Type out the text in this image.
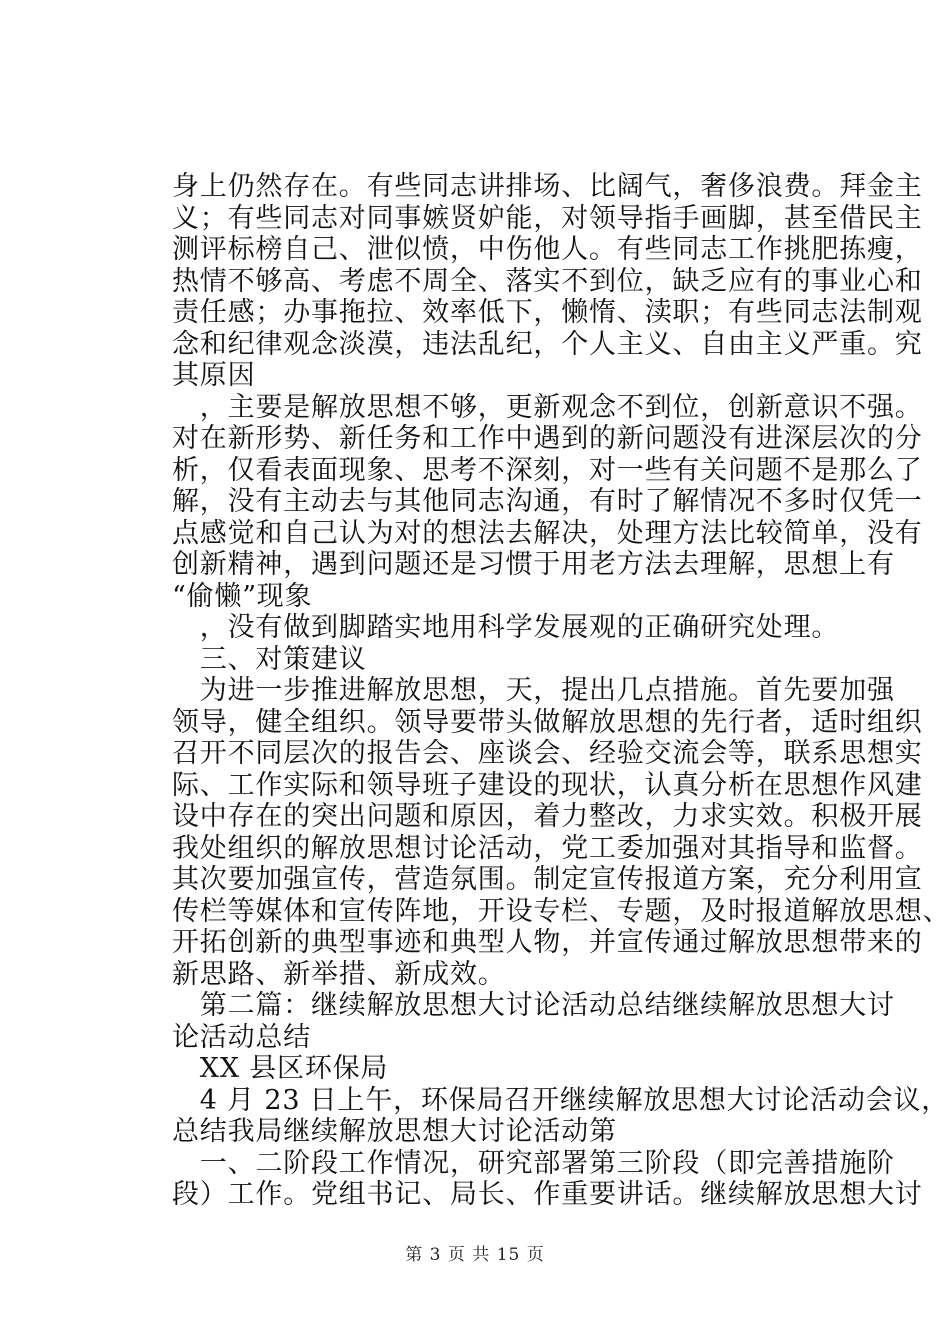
身上仍然存在。有些同志讲排场、比阔气，奢侈浪费。拜金主
义；有些同志对同事嫉贤妒能，对领导指手画脚，甚至借民主
测评标榜自己、泄似愤，中伤他人。有些同志工作挑肥拣瘦，
热情不够高、考虑不周全、落实不到位，缺乏应有的事业心和
责任感；办事拖拉、效率低下，懒惰、渎职；有些同志法制观
念和纪律观念淡漠，违法乱纪，个人主义、自由主义严重。究
其原因
　，主要是解放思想不够，更新观念不到位，创新意识不强。
对在新形势、新任务和工作中遇到的新问题没有进深层次的分
析，仅看表面现象、思考不深刻，对一些有关问题不是那么了
解，没有主动去与其他同志沟通，有时了解情况不多时仅凭一
点感觉和自己认为对的想法去解决，处理方法比较简单，没有
创新精神，遇到问题还是习惯于用老方法去理解，思想上有
“偷懒”现象
　，没有做到脚踏实地用科学发展观的正确研究处理。
　三、对策建议
　为进一步推进解放思想，天，提出几点措施。首先要加强
领导，健全组织。领导要带头做解放思想的先行者，适时组织
召开不同层次的报告会、座谈会、经验交流会等，联系思想实
际、工作实际和领导班子建设的现状，认真分析在思想作风建
设中存在的突出问题和原因，着力整改，力求实效。积极开展
我处组织的解放思想讨论活动，党工委加强对其指导和监督。
其次要加强宣传，营造氛围。制定宣传报道方案，充分利用宣
传栏等媒体和宣传阵地，开设专栏、专题，及时报道解放思想、
开拓创新的典型事迹和典型人物，并宣传通过解放思想带来的
新思路、新举措、新成效。
　第二篇：继续解放思想大讨论活动总结继续解放思想大讨
论活动总结
　XX 县区环保局
　4 月 23 日上午，环保局召开继续解放思想大讨论活动会议，
总结我局继续解放思想大讨论活动第
　一、二阶段工作情况，研究部署第三阶段（即完善措施阶
段）工作。党组书记、局长、作重要讲话。继续解放思想大讨
第 3 页 共 15 页
